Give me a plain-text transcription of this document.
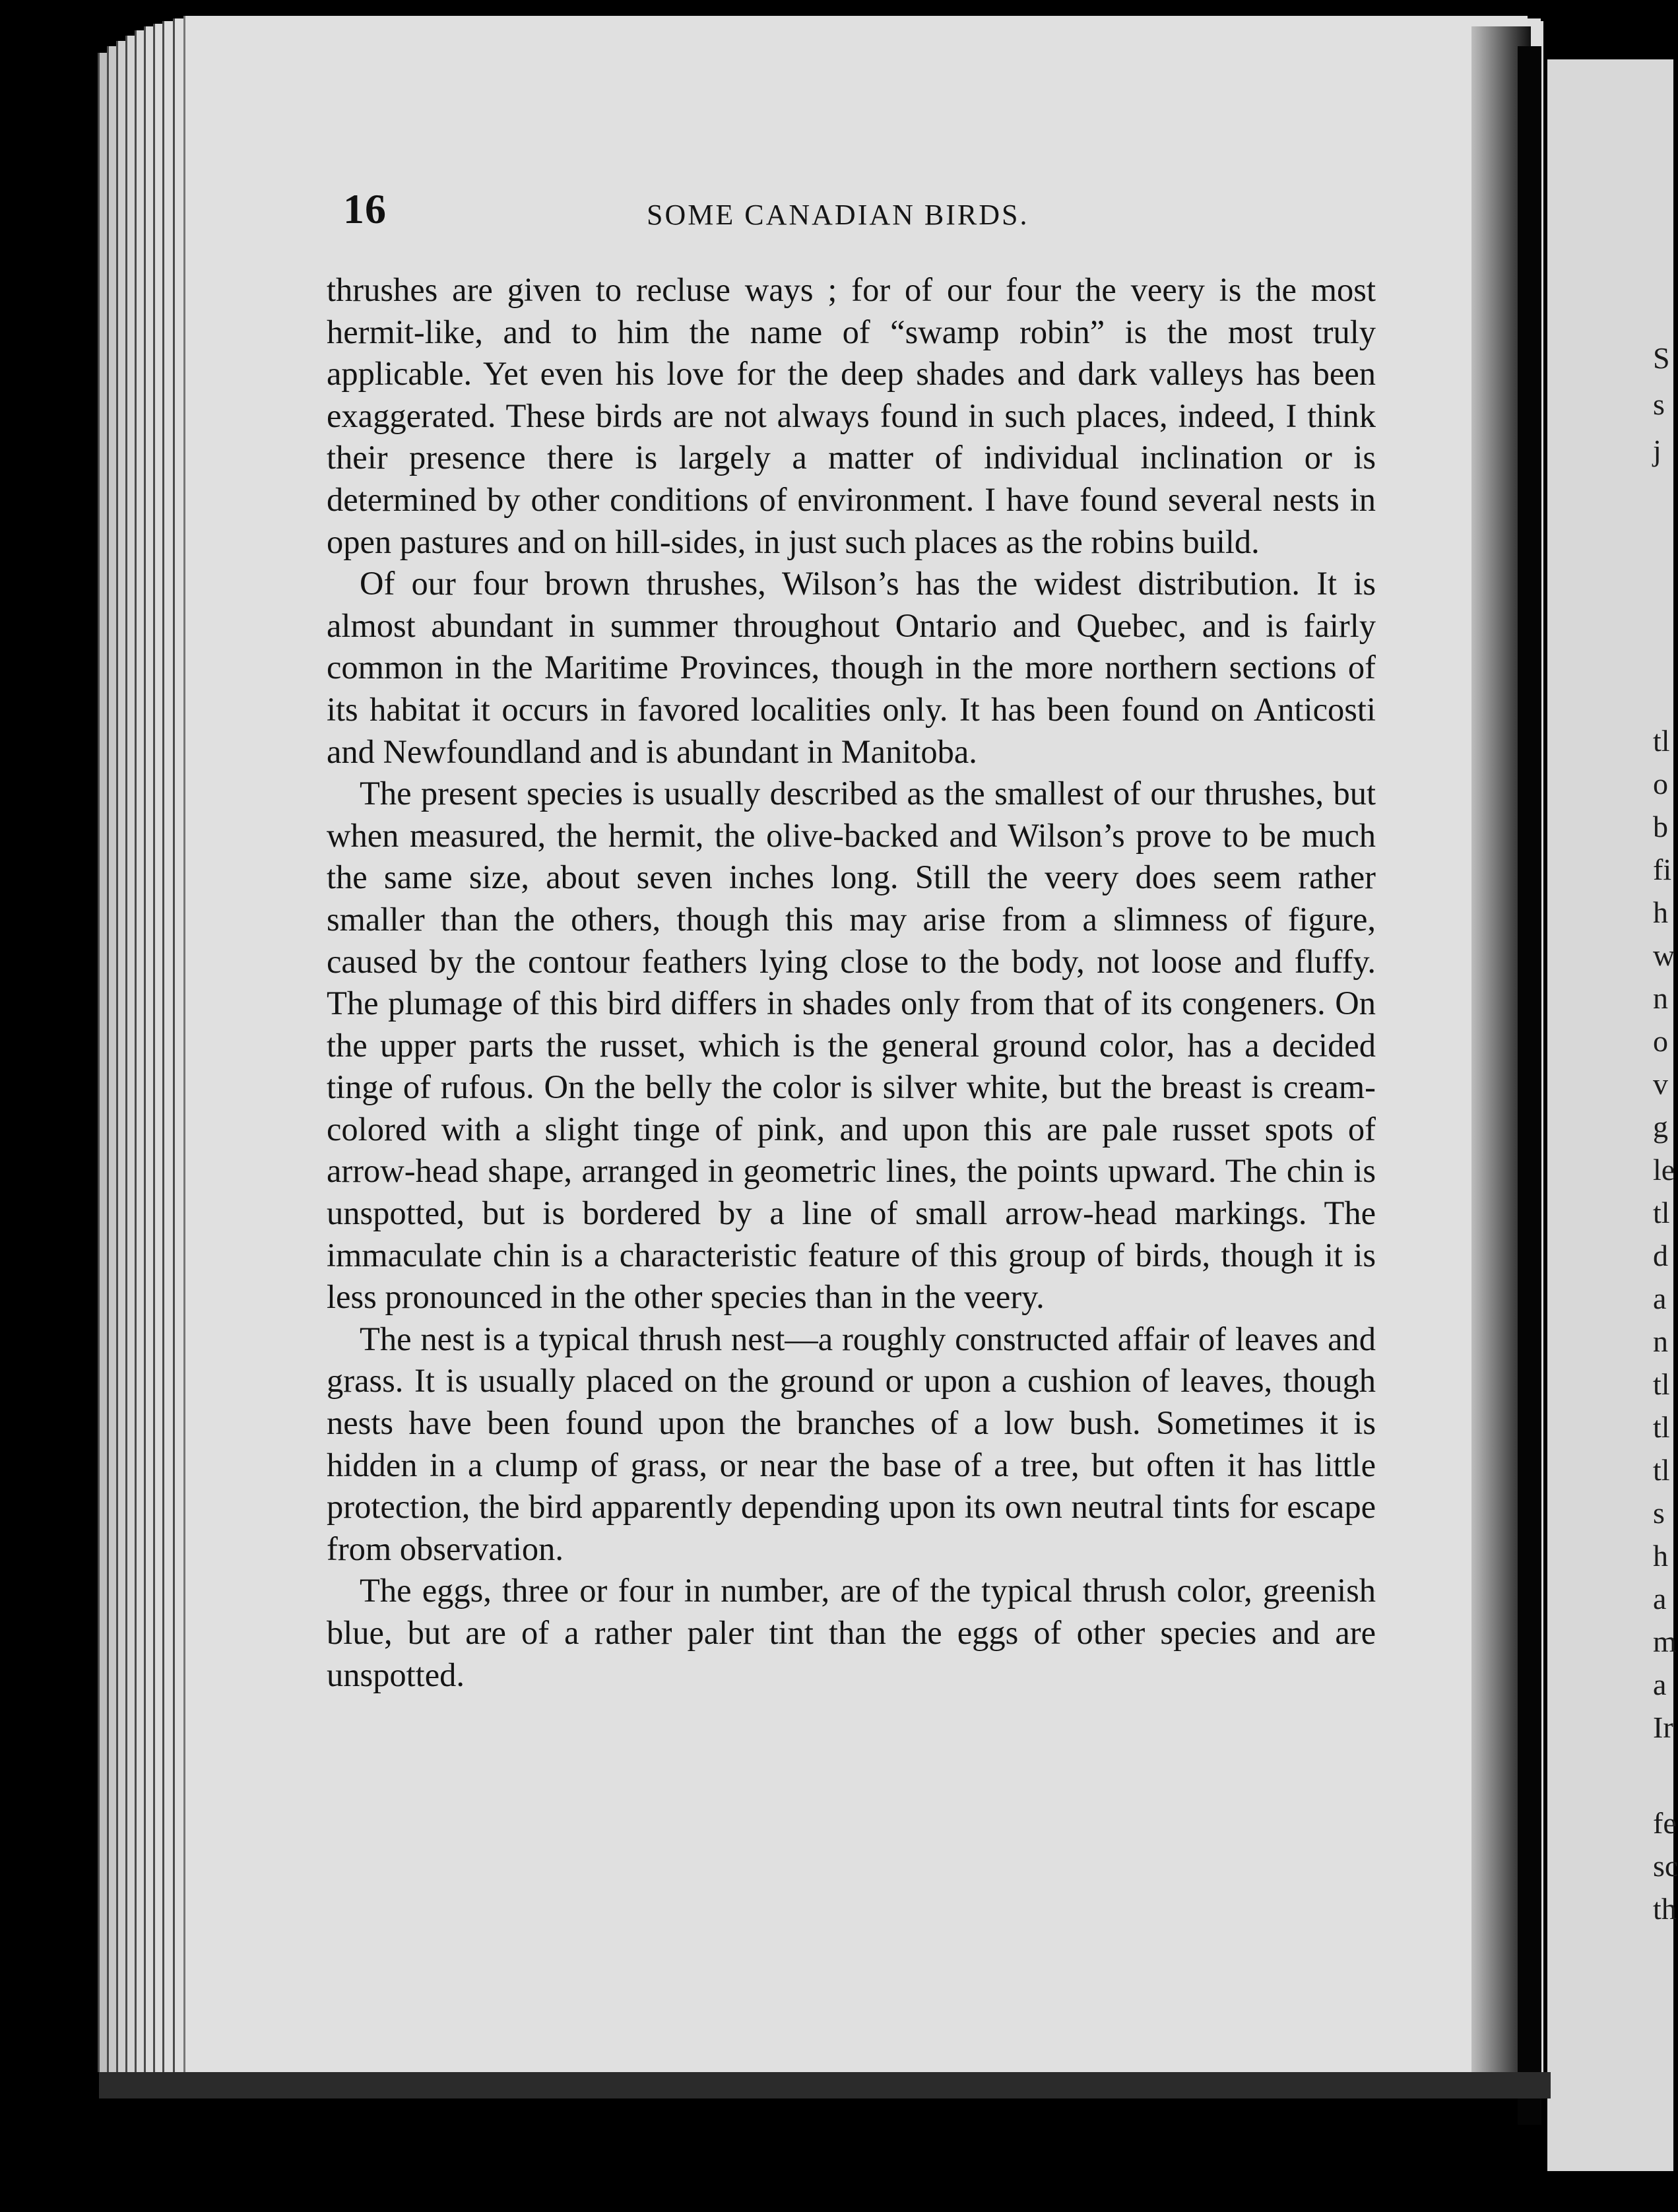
S
s
j
tl
o
b
fi
h
w
n
o
v
g
le
tl
d
a
n
tl
tl
tl
s
h
a
m
a
Ir
fe
sc
th
16	SOME CANADIAN BIRDS.

thrushes are given to recluse ways ; for of our four the veery is the most hermit-like, and to him the name of “swamp robin” is the most truly applicable. Yet even his love for the deep shades and dark valleys has been exaggerated. These birds are not always found in such places, indeed, I think their presence there is largely a matter of individual inclination or is determined by other conditions of environment. I have found several nests in open pastures and on hill-sides, in just such places as the robins build.

Of our four brown thrushes, Wilson’s has the widest distribution. It is almost abundant in summer throughout Ontario and Quebec, and is fairly common in the Maritime Provinces, though in the more northern sections of its habitat it occurs in favored localities only. It has been found on Anticosti and Newfoundland and is abundant in Manitoba.

The present species is usually described as the smallest of our thrushes, but when measured, the hermit, the olive-backed and Wilson’s prove to be much the same size, about seven inches long. Still the veery does seem rather smaller than the others, though this may arise from a slimness of figure, caused by the contour feathers lying close to the body, not loose and fluffy. The plumage of this bird differs in shades only from that of its congeners. On the upper parts the russet, which is the general ground color, has a decided tinge of rufous. On the belly the color is silver white, but the breast is cream-colored with a slight tinge of pink, and upon this are pale russet spots of arrow-head shape, arranged in geometric lines, the points upward. The chin is unspotted, but is bordered by a line of small arrow-head markings. The immaculate chin is a characteristic feature of this group of birds, though it is less pronounced in the other species than in the veery.

The nest is a typical thrush nest—a roughly constructed affair of leaves and grass. It is usually placed on the ground or upon a cushion of leaves, though nests have been found upon the branches of a low bush. Sometimes it is hidden in a clump of grass, or near the base of a tree, but often it has little protection, the bird apparently depending upon its own neutral tints for escape from observation.

The eggs, three or four in number, are of the typical thrush color, greenish blue, but are of a rather paler tint than the eggs of other species and are unspotted.
